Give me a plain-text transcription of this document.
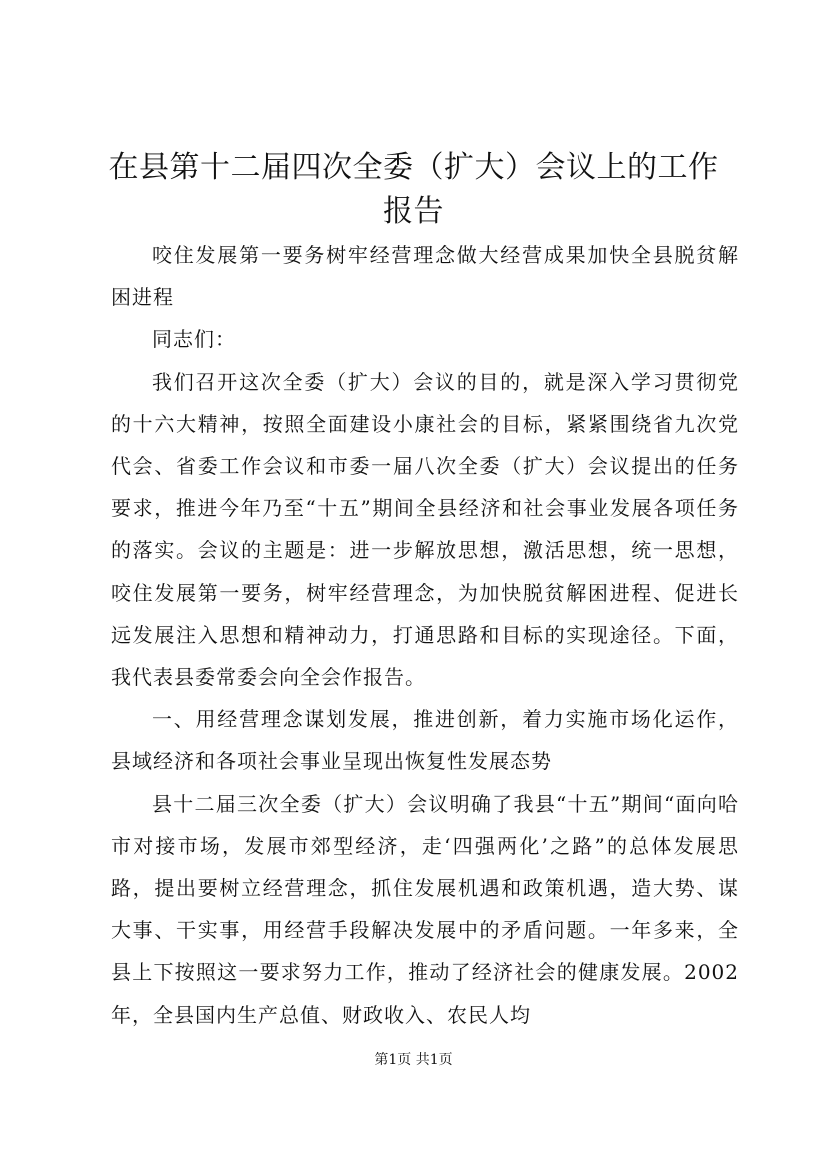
在县第十二届四次全委（扩大）会议上的工作报告

咬住发展第一要务树牢经营理念做大经营成果加快全县脱贫解困进程

同志们：

我们召开这次全委（扩大）会议的目的，就是深入学习贯彻党的十六大精神，按照全面建设小康社会的目标，紧紧围绕省九次党代会、省委工作会议和市委一届八次全委（扩大）会议提出的任务要求，推进今年乃至“十五”期间全县经济和社会事业发展各项任务的落实。会议的主题是：进一步解放思想，激活思想，统一思想，咬住发展第一要务，树牢经营理念，为加快脱贫解困进程、促进长远发展注入思想和精神动力，打通思路和目标的实现途径。下面，我代表县委常委会向全会作报告。

一、用经营理念谋划发展，推进创新，着力实施市场化运作，县域经济和各项社会事业呈现出恢复性发展态势

县十二届三次全委（扩大）会议明确了我县“十五”期间“面向哈市对接市场，发展市郊型经济，走‘四强两化’之路”的总体发展思路，提出要树立经营理念，抓住发展机遇和政策机遇，造大势、谋大事、干实事，用经营手段解决发展中的矛盾问题。一年多来，全县上下按照这一要求努力工作，推动了经济社会的健康发展。2002年，全县国内生产总值、财政收入、农民人均

第1页 共1页
